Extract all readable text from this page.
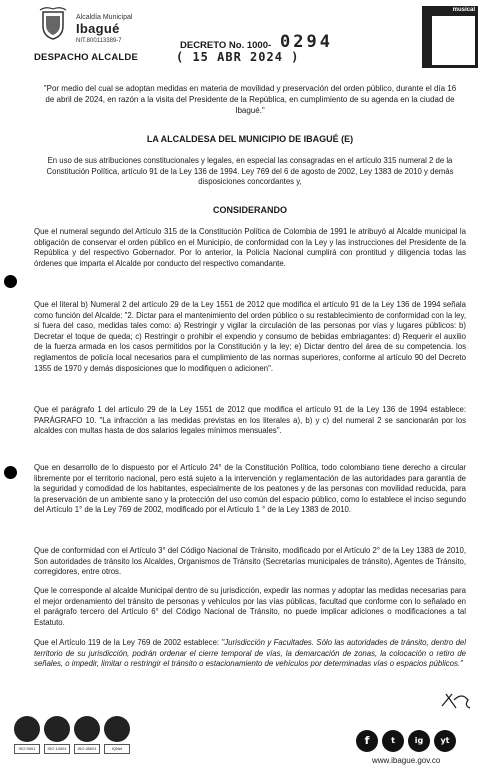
Alcaldía Municipal
Ibagué
NIT.800113389-7
DESPACHO ALCALDE
DECRETO No. 1000- 0294
( 15 ABR 2024 )
musical
"Por medio del cual se adoptan medidas en materia de movilidad y preservación del orden público, durante el día 16 de abril de 2024, en razón a la visita del Presidente de la República, en cumplimiento de su agenda en la ciudad de Ibagué."
LA ALCALDESA DEL MUNICIPIO DE IBAGUÉ (E)
En uso de sus atribuciones constitucionales y legales, en especial las consagradas en el artículo 315 numeral 2 de la Constitución Política, artículo 91 de la Ley 136 de 1994. Ley 769 del 6 de agosto de 2002, Ley 1383 de 2010 y demás disposiciones concordantes y,
CONSIDERANDO
Que el numeral segundo del Artículo 315 de la Constitución Política de Colombia de 1991 le atribuyó al Alcalde municipal la obligación de conservar el orden público en el Municipio, de conformidad con la Ley y las instrucciones del Presidente de la República y del respectivo Gobernador. Por lo anterior, la Policía Nacional cumplirá con prontitud y diligencia todas las órdenes que imparta el Alcalde por conducto del respectivo comandante.
Que el literal b) Numeral 2 del artículo 29 de la Ley 1551 de 2012 que modifica el artículo 91 de la Ley 136 de 1994 señala como función del Alcalde: "2. Dictar para el mantenimiento del orden público o su restablecimiento de conformidad con la ley, si fuera del caso, medidas tales como: a) Restringir y vigilar la circulación de las personas por vías y lugares públicos: b) Decretar el toque de queda; c) Restringir o prohibir el expendio y consumo de bebidas embriagantes: d) Requerir el auxilio de la fuerza armada en los casos permitidos por la Constitución y la ley; e) Dictar dentro del área de su competencia. los reglamentos de policía local necesarios para el cumplimiento de las normas superiores, conforme al artículo 90 del Decreto 1355 de 1970 y demás disposiciones que lo modifiquen o adicionen".
Que el parágrafo 1 del artículo 29 de la Ley 1551 de 2012 que modifica el artículo 91 de la Ley 136 de 1994 establece: PARÁGRAFO 10. "La infracción a las medidas previstas en los literales a), b) y c) del numeral 2 se sancionarán por los alcaldes con multas hasta de dos salarios legales mínimos mensuales".
Que en desarrollo de lo dispuesto por el Artículo 24° de la Constitución Política, todo colombiano tiene derecho a circular libremente por el territorio nacional, pero está sujeto a la intervención y reglamentación de las autoridades para garantía de la seguridad y comodidad de los habitantes, especialmente de los peatones y de las personas con movilidad reducida, para la preservación de un ambiente sano y la protección del uso común del espacio público, como lo establece el inciso segundo del Artículo 1° de la Ley 769 de 2002, modificado por el Artículo 1 ° de la Ley 1383 de 2010.
Que de conformidad con el Artículo 3° del Código Nacional de Tránsito, modificado por el Artículo 2° de la Ley 1383 de 2010, Son autoridades de tránsito los Alcaldes, Organismos de Tránsito (Secretarías municipales de tránsito), Agentes de Tránsito, corregidores, entre otros.
Que le corresponde al alcalde Municipal dentro de su jurisdicción, expedir las normas y adoptar las medidas necesarias para el mejor ordenamiento del tránsito de personas y vehículos por las vías públicas, facultad que conforme con lo señalado en el parágrafo tercero del Artículo 6° del Código Nacional de Tránsito, no puede implicar adiciones o modificaciones a tal Estatuto.
Que el Artículo 119 de la Ley 769 de 2002 establece: "Jurisdicción y Facultades. Sólo las autoridades de tránsito, dentro del territorio de su jurisdicción, podrán ordenar el cierre temporal de vías, la demarcación de zonas, la colocación o retiro de señales, o impedir, limitar o restringir el tránsito o estacionamiento de vehículos por determinadas vías o espacios públicos."
ISO 9001	ISO 14001	ISO 45001	IQNet
f	t	ig	yt
www.ibague.gov.co
